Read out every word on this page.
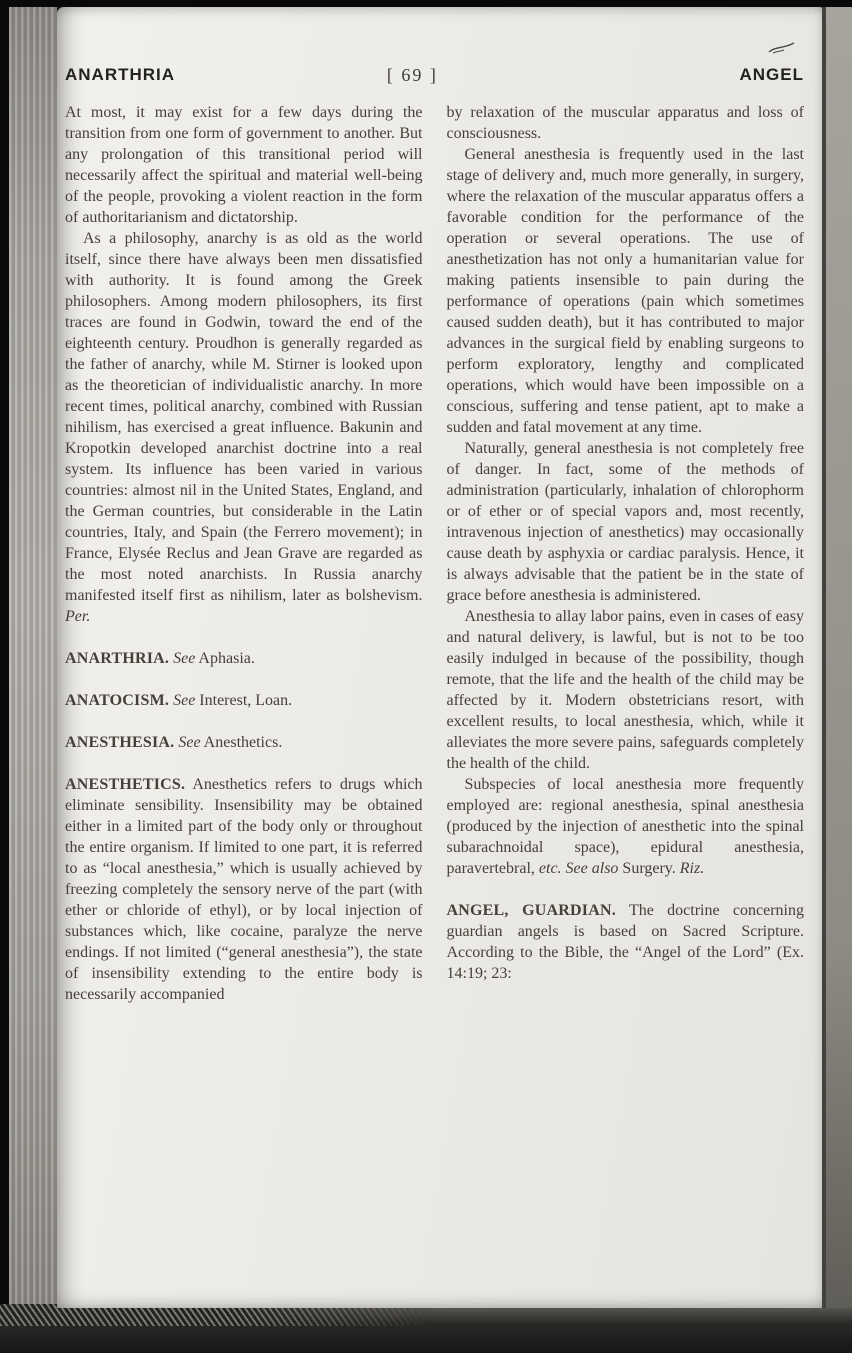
ANARTHRIA	[ 69 ]	ANGEL

At most, it may exist for a few days during the transition from one form of government to another. But any prolongation of this transitional period will necessarily affect the spiritual and material well-being of the people, provoking a violent reaction in the form of authoritarianism and dictatorship.

As a philosophy, anarchy is as old as the world itself, since there have always been men dissatisfied with authority. It is found among the Greek philosophers. Among modern philosophers, its first traces are found in Godwin, toward the end of the eighteenth century. Proudhon is generally regarded as the father of anarchy, while M. Stirner is looked upon as the theoretician of individualistic anarchy. In more recent times, political anarchy, combined with Russian nihilism, has exercised a great influence. Bakunin and Kropotkin developed anarchist doctrine into a real system. Its influence has been varied in various countries: almost nil in the United States, England, and the German countries, but considerable in the Latin countries, Italy, and Spain (the Ferrero movement); in France, Elysée Reclus and Jean Grave are regarded as the most noted anarchists. In Russia anarchy manifested itself first as nihilism, later as bolshevism. Per.

ANARTHRIA. See Aphasia.

ANATOCISM. See Interest, Loan.

ANESTHESIA. See Anesthetics.

ANESTHETICS. Anesthetics refers to drugs which eliminate sensibility. Insensibility may be obtained either in a limited part of the body only or throughout the entire organism. If limited to one part, it is referred to as “local anesthesia,” which is usually achieved by freezing completely the sensory nerve of the part (with ether or chloride of ethyl), or by local injection of substances which, like cocaine, paralyze the nerve endings. If not limited (“general anesthesia”), the state of insensibility extending to the entire body is necessarily accompanied

by relaxation of the muscular apparatus and loss of consciousness.

General anesthesia is frequently used in the last stage of delivery and, much more generally, in surgery, where the relaxation of the muscular apparatus offers a favorable condition for the performance of the operation or several operations. The use of anesthetization has not only a humanitarian value for making patients insensible to pain during the performance of operations (pain which sometimes caused sudden death), but it has contributed to major advances in the surgical field by enabling surgeons to perform exploratory, lengthy and complicated operations, which would have been impossible on a conscious, suffering and tense patient, apt to make a sudden and fatal movement at any time.

Naturally, general anesthesia is not completely free of danger. In fact, some of the methods of administration (particularly, inhalation of chlorophorm or of ether or of special vapors and, most recently, intravenous injection of anesthetics) may occasionally cause death by asphyxia or cardiac paralysis. Hence, it is always advisable that the patient be in the state of grace before anesthesia is administered.

Anesthesia to allay labor pains, even in cases of easy and natural delivery, is lawful, but is not to be too easily indulged in because of the possibility, though remote, that the life and the health of the child may be affected by it. Modern obstetricians resort, with excellent results, to local anesthesia, which, while it alleviates the more severe pains, safeguards completely the health of the child.

Subspecies of local anesthesia more frequently employed are: regional anesthesia, spinal anesthesia (produced by the injection of anesthetic into the spinal subarachnoidal space), epidural anesthesia, paravertebral, etc. See also Surgery. Riz.

ANGEL, GUARDIAN. The doctrine concerning guardian angels is based on Sacred Scripture. According to the Bible, the “Angel of the Lord” (Ex. 14:19; 23:
